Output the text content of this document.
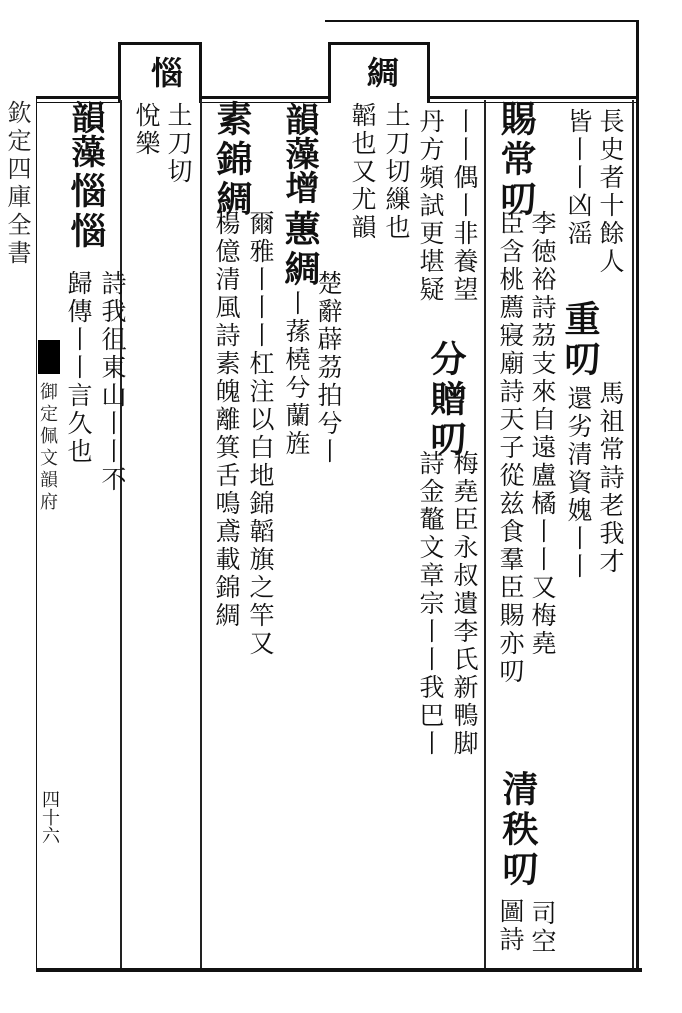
惱	綢
欽定四庫全書
御定佩文韻府
四十六
長史者十餘人
皆丨丨凶滛
重叨
還劣清資媿丨丨 馬祖常詩老我才
賜常叨
李徳裕詩茘支來自遠盧橘丨丨又梅堯
臣含桃薦寢廟詩天子從兹食羣臣賜亦叨
清秩叨
司空
圖詩
丨丨偶丨非養望
分贈叨
梅堯臣永叔遺李氏新鴨脚
丹方頻試更堪疑
詩金鼇文章宗丨丨我巴丨
土刀切繅也
韜也又尤韻
韻藻增
蕙綢
楚辭薜茘拍兮丨
丨蓀橈兮蘭旌
素錦綢
爾雅丨丨丨杠注以白地錦韜旗之竿又
楊億清風詩素魄離箕舌鳴鳶載錦綢
土刀切
悅樂
韻藻
惱惱
詩我徂東山丨丨不
歸傳丨丨言久也
